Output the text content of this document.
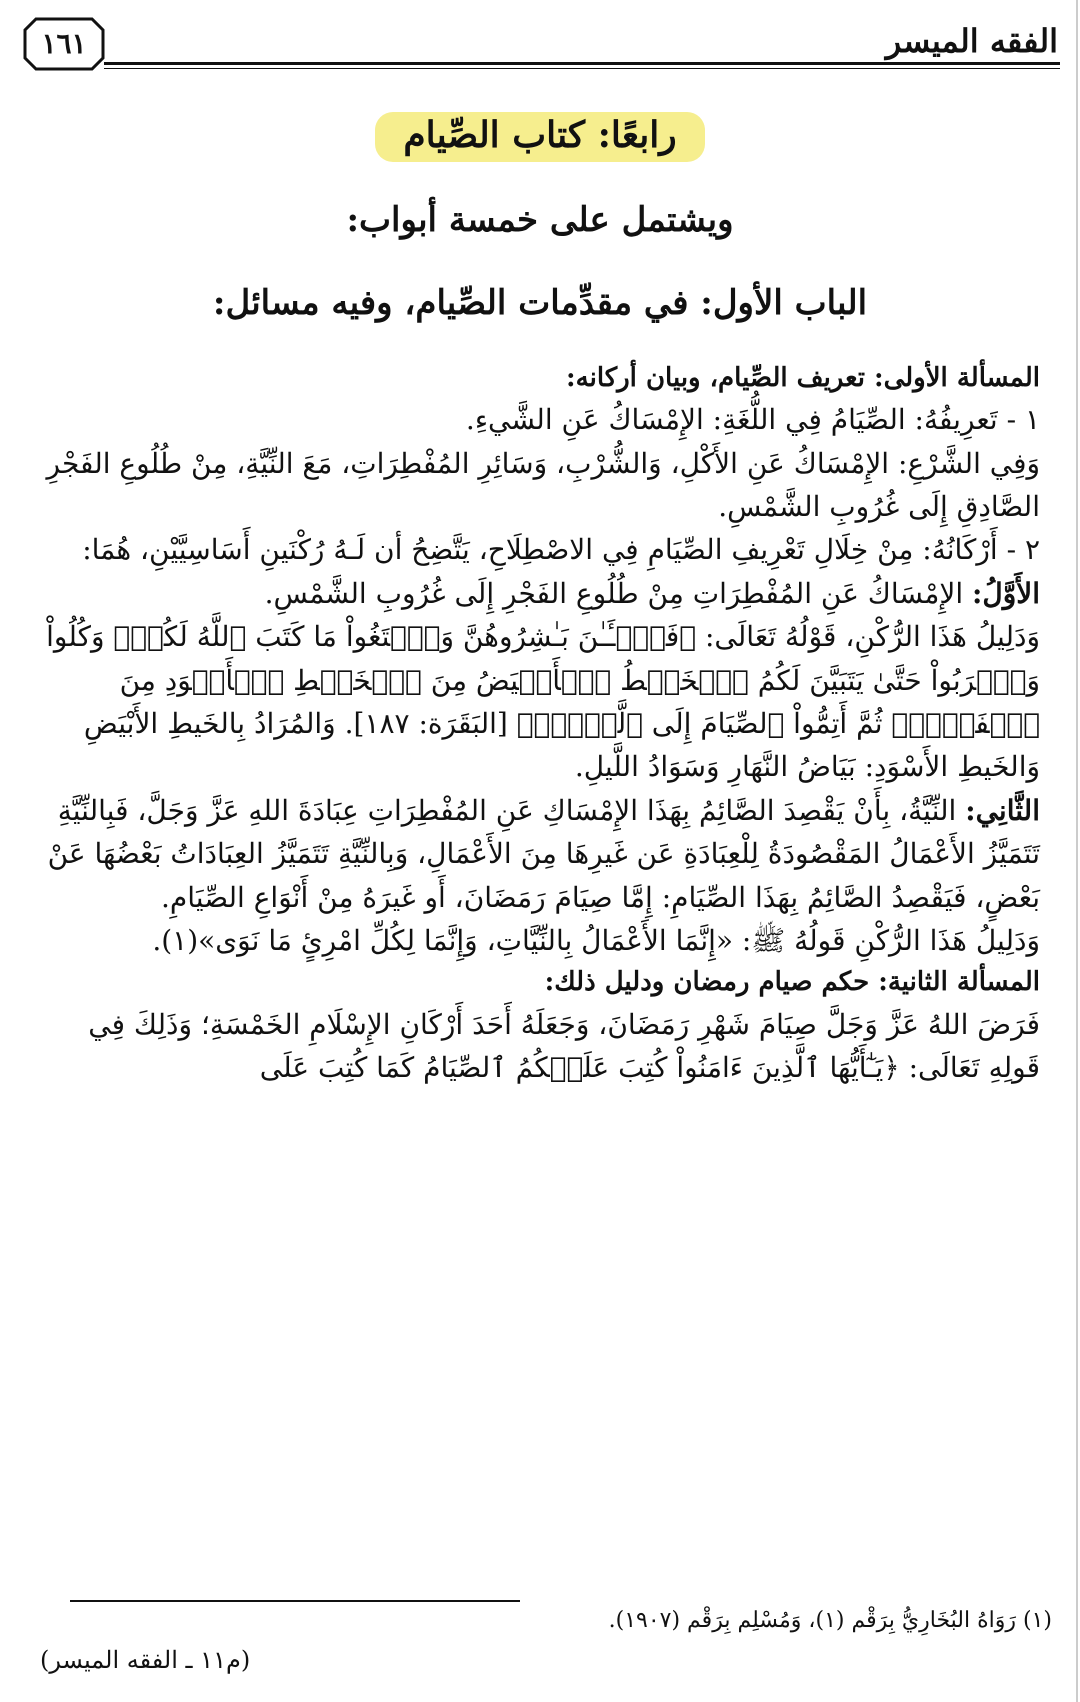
١٦١	الفقه الميسر
رابعًا: كتاب الصِّيام
ويشتمل على خمسة أبواب:
الباب الأول: في مقدِّمات الصِّيام، وفيه مسائل:
المسألة الأولى: تعريف الصِّيام، وبيان أركانه:
١ - تَعرِيفُهُ: الصِّيَامُ فِي اللُّغَةِ: الإِمْسَاكُ عَنِ الشَّيءِ.
وَفِي الشَّرْعِ: الإِمْسَاكُ عَنِ الأَكْلِ، وَالشُّرْبِ، وَسَائِرِ المُفْطِرَاتِ، مَعَ النِّيَّةِ، مِنْ طُلُوعِ الفَجْرِ الصَّادِقِ إِلَى غُرُوبِ الشَّمْسِ.
٢ - أَرْكَانُهُ: مِنْ خِلَالِ تَعْرِيفِ الصِّيَامِ فِي الاصْطِلَاحِ، يَتَّضِحُ أن لَـهُ رُكْنَينِ أَسَاسِيَّيْنِ، هُمَا:
الأَوَّلُ: الإِمْسَاكُ عَنِ المُفْطِرَاتِ مِنْ طُلُوعِ الفَجْرِ إِلَى غُرُوبِ الشَّمْسِ.
وَدَلِيلُ هَذَا الرُّكْنِ، قَوْلُهُ تَعَالَى: ﴿فَٱلۡـَٔـٰنَ بَـٰشِرُوهُنَّ وَٱبۡتَغُواْ مَا كَتَبَ ٱللَّهُ لَكُمۡۚ وَكُلُواْ وَٱشۡرَبُواْ حَتَّىٰ يَتَبَيَّنَ لَكُمُ ٱلۡخَيۡطُ ٱلۡأَبۡيَضُ مِنَ ٱلۡخَيۡطِ ٱلۡأَسۡوَدِ مِنَ ٱلۡفَجۡرِۖ ثُمَّ أَتِمُّواْ ٱلصِّيَامَ إِلَى ٱلَّيۡلِۚ﴾ [البَقَرَة: ١٨٧]. وَالمُرَادُ بِالخَيطِ الأَبْيَضِ وَالخَيطِ الأَسْوَدِ: بَيَاضُ النَّهَارِ وَسَوَادُ اللَّيلِ.
الثَّانِي: النِّيَّةُ، بِأَنْ يَقْصِدَ الصَّائِمُ بِهَذَا الإِمْسَاكِ عَنِ المُفْطِرَاتِ عِبَادَةَ اللهِ عَزَّ وَجَلَّ، فَبِالنِّيَّةِ تَتَمَيَّزُ الأَعْمَالُ المَقْصُودَةُ لِلْعِبَادَةِ عَن غَيرِهَا مِنَ الأَعْمَالِ، وَبِالنِّيَّةِ تَتَمَيَّزُ العِبَادَاتُ بَعْضُهَا عَنْ بَعْضٍ، فَيَقْصِدُ الصَّائِمُ بِهَذَا الصِّيَامِ: إِمَّا صِيَامَ رَمَضَانَ، أَو غَيرَهُ مِنْ أَنْوَاعِ الصِّيَامِ.
وَدَلِيلُ هَذَا الرُّكْنِ قَولُهُ ﷺ: «إِنَّمَا الأَعْمَالُ بِالنِّيَّاتِ، وَإِنَّمَا لِكُلِّ امْرِئٍ مَا نَوَى»(١).
المسألة الثانية: حكم صيام رمضان ودليل ذلك:
فَرَضَ اللهُ عَزَّ وَجَلَّ صِيَامَ شَهْرِ رَمَضَانَ، وَجَعَلَهُ أَحَدَ أَرْكَانِ الإِسْلَامِ الخَمْسَةِ؛ وَذَلِكَ فِي قَولِهِ تَعَالَى: ﴿يَـٰٓأَيُّهَا ٱلَّذِينَ ءَامَنُواْ كُتِبَ عَلَيۡكُمُ ٱلصِّيَامُ كَمَا كُتِبَ عَلَى
(١) رَوَاهُ البُخَارِيُّ بِرَقْم (١)، وَمُسْلِم بِرَقْم (١٩٠٧).
(م١١ ـ الفقه الميسر)
